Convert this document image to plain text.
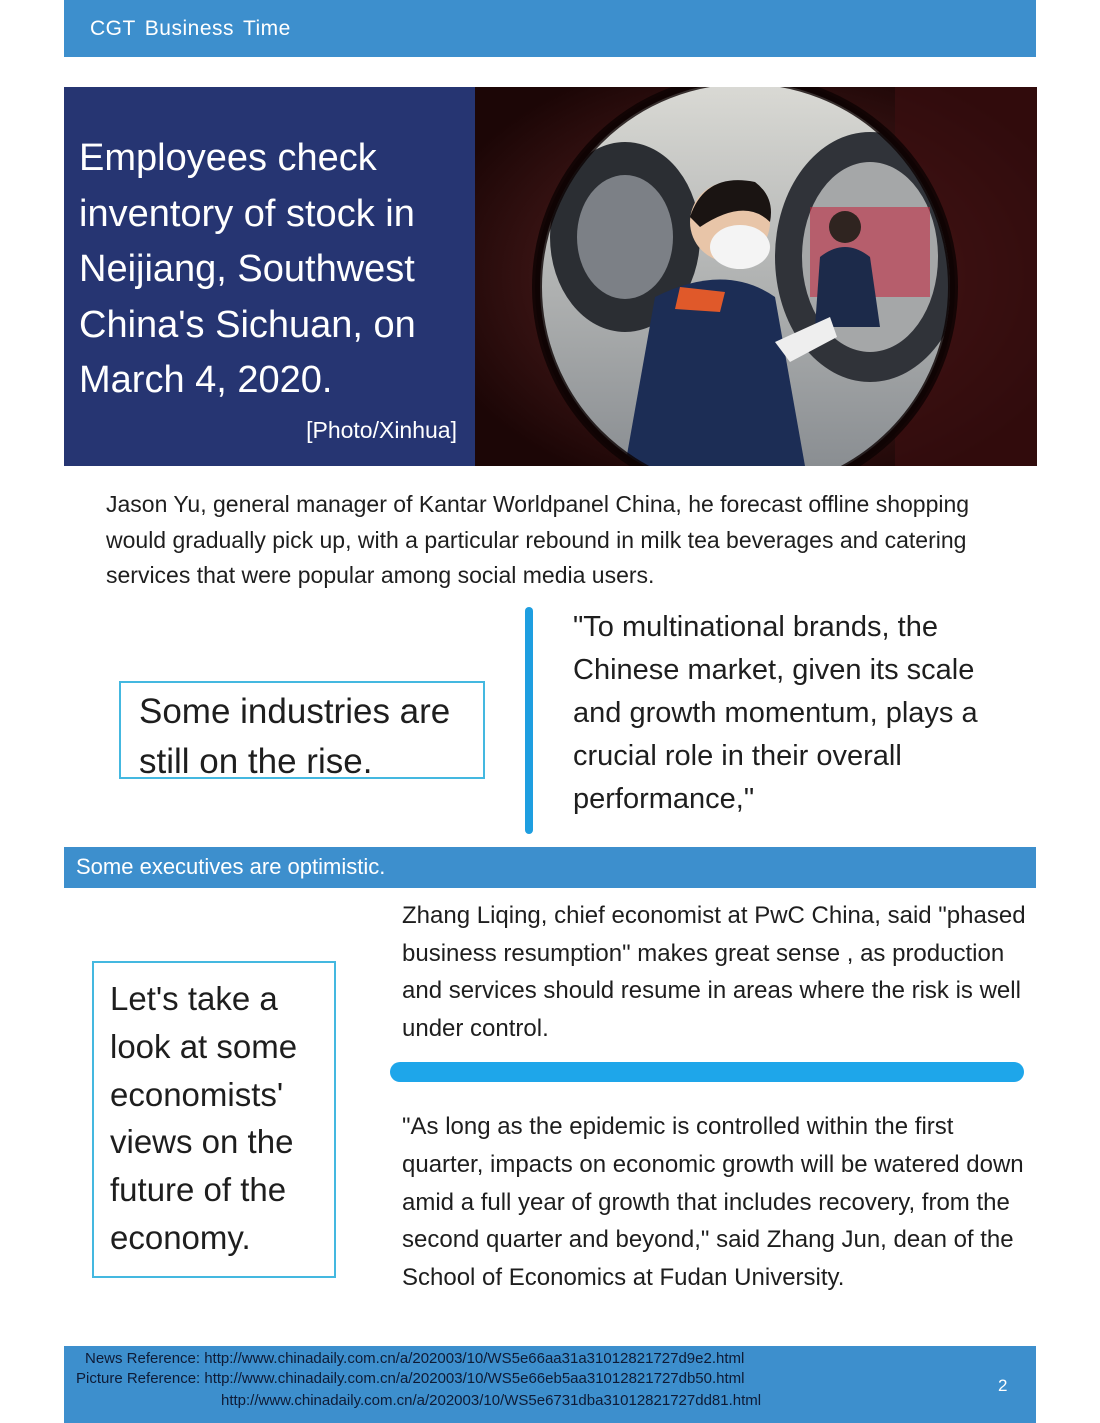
CGT Business Time
Employees check inventory of stock in Neijiang, Southwest China's Sichuan, on March 4, 2020.
[Photo/Xinhua]
Jason Yu, general manager of Kantar Worldpanel China, he forecast offline shopping would gradually pick up, with a particular rebound in milk tea beverages and catering services that were popular among social media users.
Some industries are still on the rise.
"To multinational brands, the Chinese market, given its scale and growth momentum, plays a crucial role in their overall performance,"
Some executives are optimistic.
Let's take a look at some economists' views on the future of the economy.
Zhang Liqing, chief economist at PwC China, said "phased business resumption" makes great sense , as production and services should resume in areas where the risk is well under control.
"As long as the epidemic is controlled within the first quarter, impacts on economic growth will be watered down amid a full year of growth that includes recovery, from the second quarter and beyond," said Zhang Jun, dean of the School of Economics at Fudan University.
News Reference: http://www.chinadaily.com.cn/a/202003/10/WS5e66aa31a31012821727d9e2.html
Picture Reference: http://www.chinadaily.com.cn/a/202003/10/WS5e66eb5aa31012821727db50.html
http://www.chinadaily.com.cn/a/202003/10/WS5e6731dba31012821727dd81.html
2
